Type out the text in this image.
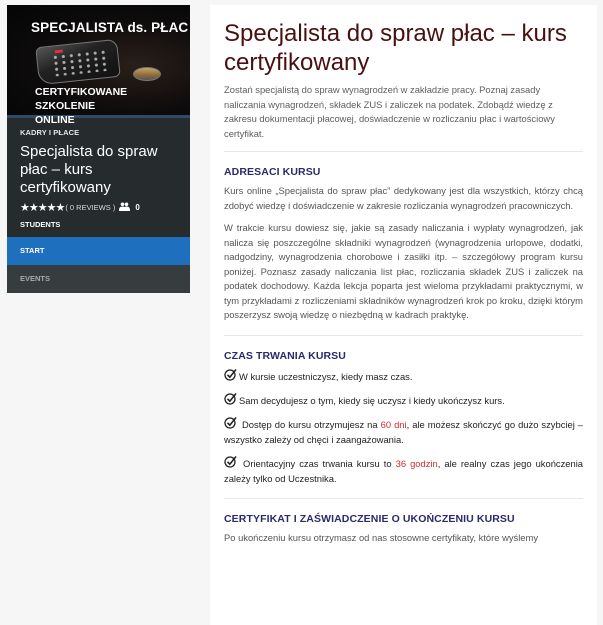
SPECJALISTA ds. PŁAC
CERTYFIKOWANE SZKOLENIE
ONLINE
KADRY I PŁACE
Specjalista do spraw płac – kurs certyfikowany
★★★★★ ( 0 REVIEWS )	0
STUDENTS
START
EVENTS
Specjalista do spraw płac – kurs certyfikowany

Zostań specjalistą do spraw wynagrodzeń w zakładzie pracy. Poznaj zasady naliczania wynagrodzeń, składek ZUS i zaliczek na podatek. Zdobądź wiedzę z zakresu dokumentacji płacowej, doświadczenie w rozliczaniu płac i wartościowy certyfikat.

ADRESACI KURSU

Kurs online „Specjalista do spraw płac” dedykowany jest dla wszystkich, którzy chcą zdobyć wiedzę i doświadczenie w zakresie rozliczania wynagrodzeń pracowniczych.

W trakcie kursu dowiesz się, jakie są zasady naliczania i wypłaty wynagrodzeń, jak nalicza się poszczególne składniki wynagrodzeń (wynagrodzenia urlopowe, dodatki, nadgodziny, wynagrodzenia chorobowe i zasiłki itp. – szczegółowy program kursu poniżej. Poznasz zasady naliczania list płac, rozliczania składek ZUS i zaliczek na podatek dochodowy. Każda lekcja poparta jest wieloma przykładami praktycznymi, w tym przykładami z rozliczeniami składników wynagrodzeń krok po kroku, dzięki którym poszerzysz swoją wiedzę o niezbędną w kadrach praktykę.

CZAS TRWANIA KURSU

W kursie uczestniczysz, kiedy masz czas.

Sam decydujesz o tym, kiedy się uczysz i kiedy ukończysz kurs.

Dostęp do kursu otrzymujesz na 60 dni, ale możesz skończyć go dużo szybciej – wszystko zależy od chęci i zaangażowania.

Orientacyjny czas trwania kursu to 36 godzin, ale realny czas jego ukończenia zależy tylko od Uczestnika.

CERTYFIKAT I ZAŚWIADCZENIE O UKOŃCZENIU KURSU

Po ukończeniu kursu otrzymasz od nas stosowne certyfikaty, które wyślemy
